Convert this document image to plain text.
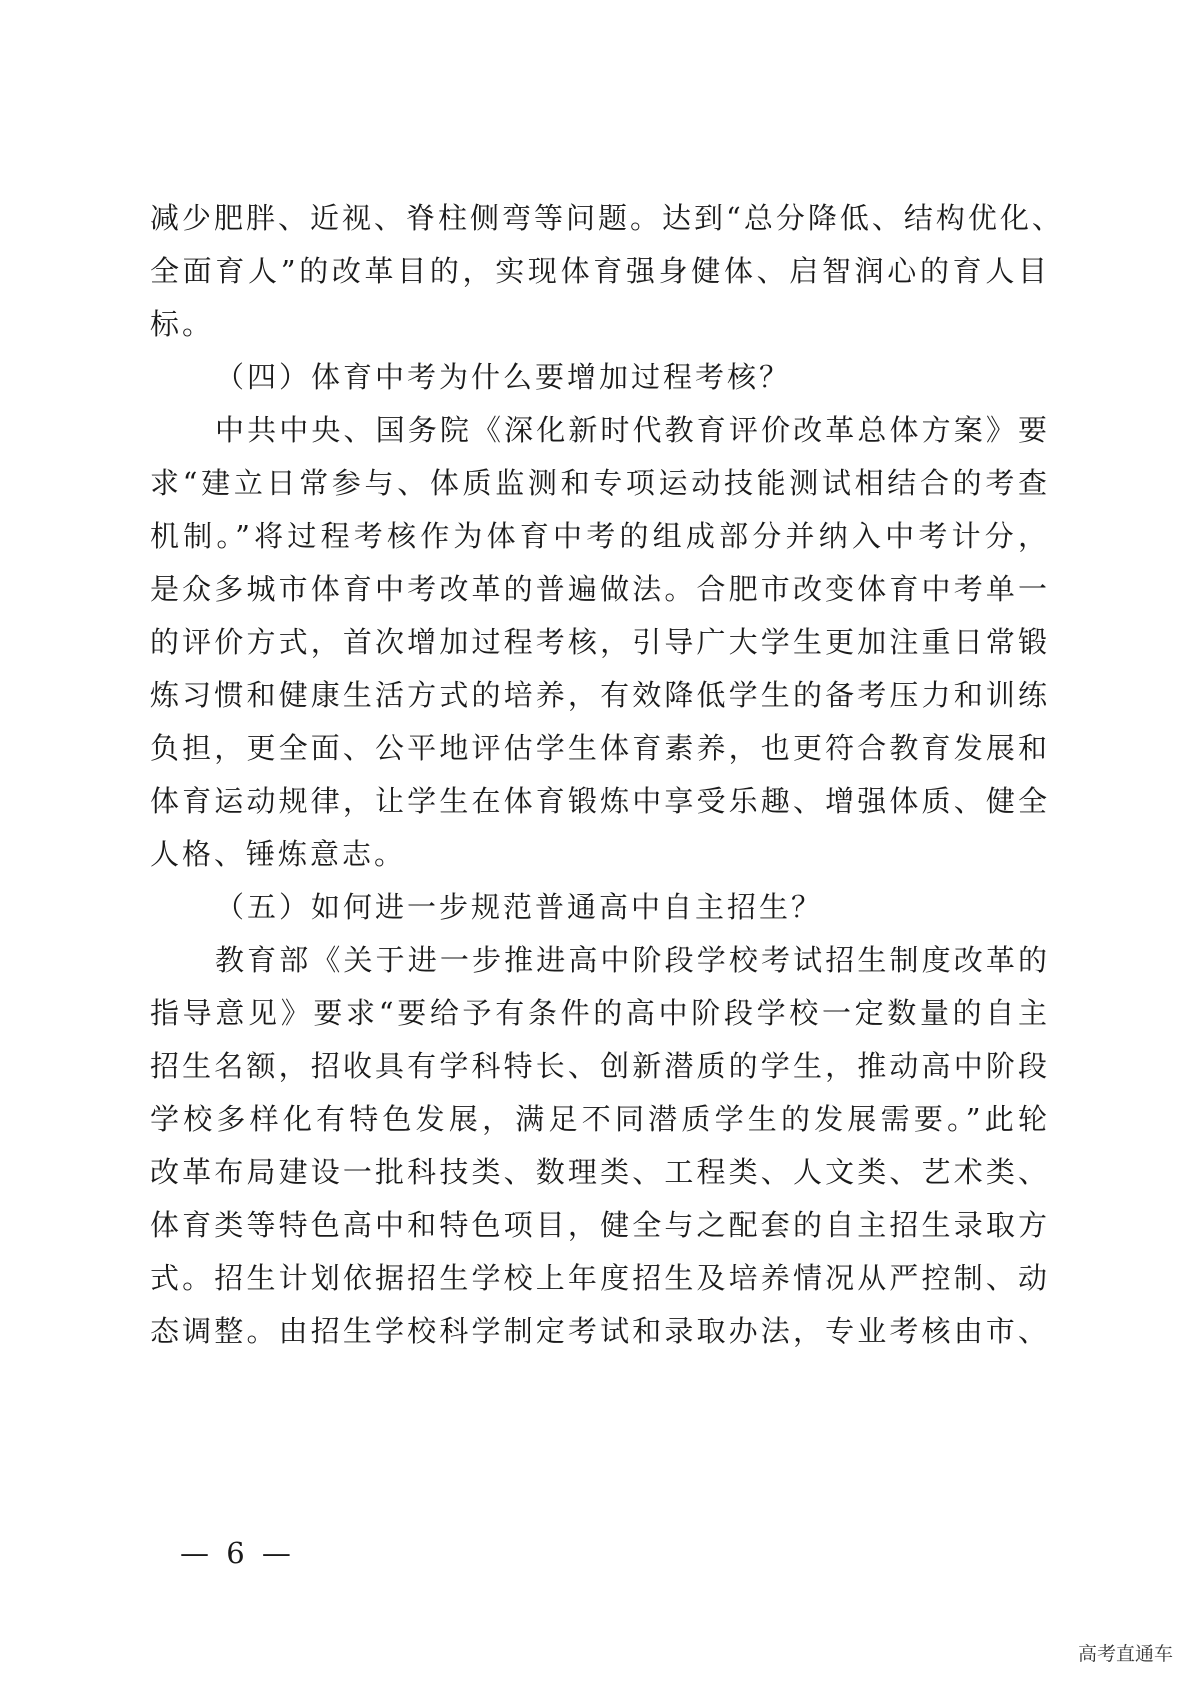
减少肥胖、近视、脊柱侧弯等问题。达到“总分降低、结构优化、
全面育人”的改革目的，实现体育强身健体、启智润心的育人目
标。
（四）体育中考为什么要增加过程考核？
中共中央、国务院《深化新时代教育评价改革总体方案》要
求“建立日常参与、体质监测和专项运动技能测试相结合的考查
机制。”将过程考核作为体育中考的组成部分并纳入中考计分，
是众多城市体育中考改革的普遍做法。合肥市改变体育中考单一
的评价方式，首次增加过程考核，引导广大学生更加注重日常锻
炼习惯和健康生活方式的培养，有效降低学生的备考压力和训练
负担，更全面、公平地评估学生体育素养，也更符合教育发展和
体育运动规律，让学生在体育锻炼中享受乐趣、增强体质、健全
人格、锤炼意志。
（五）如何进一步规范普通高中自主招生？
教育部《关于进一步推进高中阶段学校考试招生制度改革的
指导意见》要求“要给予有条件的高中阶段学校一定数量的自主
招生名额，招收具有学科特长、创新潜质的学生，推动高中阶段
学校多样化有特色发展，满足不同潜质学生的发展需要。”此轮
改革布局建设一批科技类、数理类、工程类、人文类、艺术类、
体育类等特色高中和特色项目，健全与之配套的自主招生录取方
式。招生计划依据招生学校上年度招生及培养情况从严控制、动
态调整。由招生学校科学制定考试和录取办法，专业考核由市、
— 6 —
高考直通车
